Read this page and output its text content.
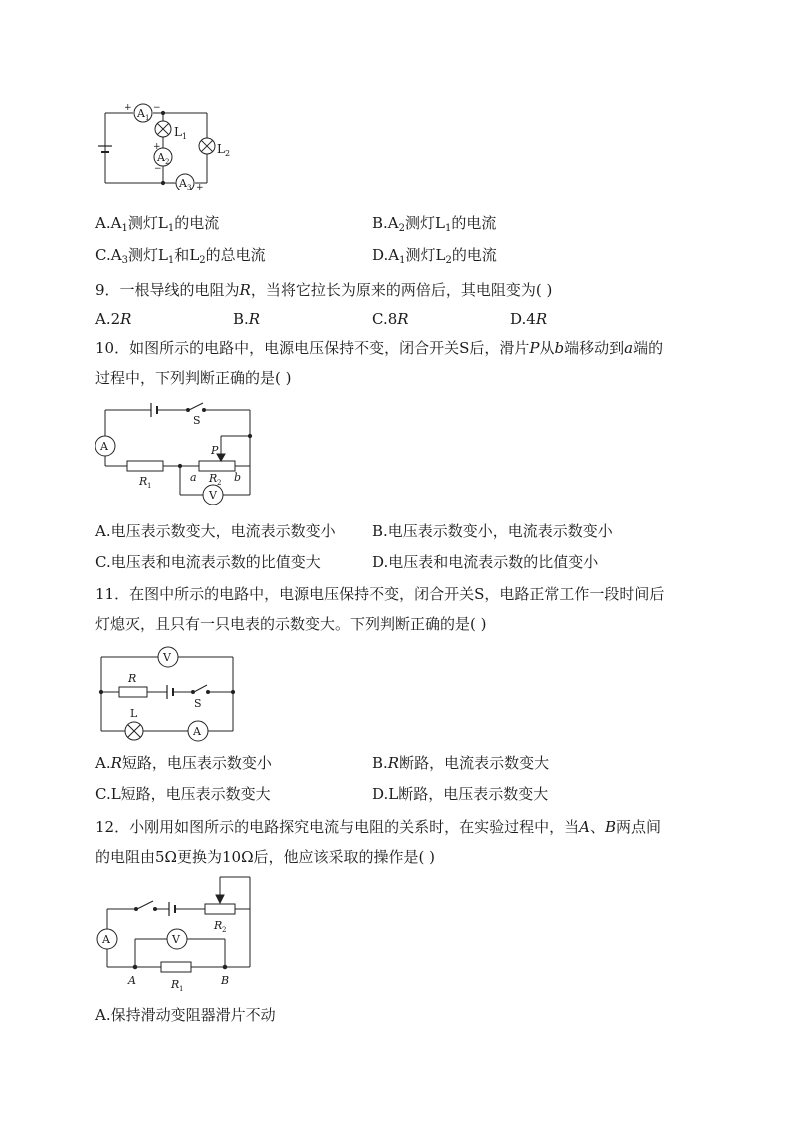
A 1
A 2
A 3
L 1
L 2
+ −
+
−
− +
$A.A_1$测灯$L_1$的电流	$B.A_2$测灯$L_1$的电流
$C.A_3$测灯$L_1$和$L_2$的总电流	$D.A_1$测灯$L_2$的电流
9．一根导线的电阻为R，当将它拉长为原来的两倍后，其电阻变为( )
A.2R	B.R	C.8R	D.4R
10．如图所示的电路中，电源电压保持不变，闭合开关S后，滑片P从b端移动到a端的
过程中，下列判断正确的是( )
A
V
S
P
R 1
R 2
a	b
A.电压表示数变大，电流表示数变小 B.电压表示数变小，电流表示数变小
C.电压表和电流表示数的比值变大	D.电压表和电流表示数的比值变小
11．在图中所示的电路中，电源电压保持不变，闭合开关S，电路正常工作一段时间后
灯熄灭，且只有一只电表的示数变大。下列判断正确的是( )
V
R
S
L
A
A.R短路，电压表示数变小	B.R断路，电流表示数变大
C.L短路，电压表示数变大	D.L断路，电压表示数变大
12．小刚用如图所示的电路探究电流与电阻的关系时，在实验过程中，当A、B两点间
的电阻由5Ω更换为10Ω后，他应该采取的操作是( )
A	V
R 2
A	R 1
B
A.保持滑动变阻器滑片不动
